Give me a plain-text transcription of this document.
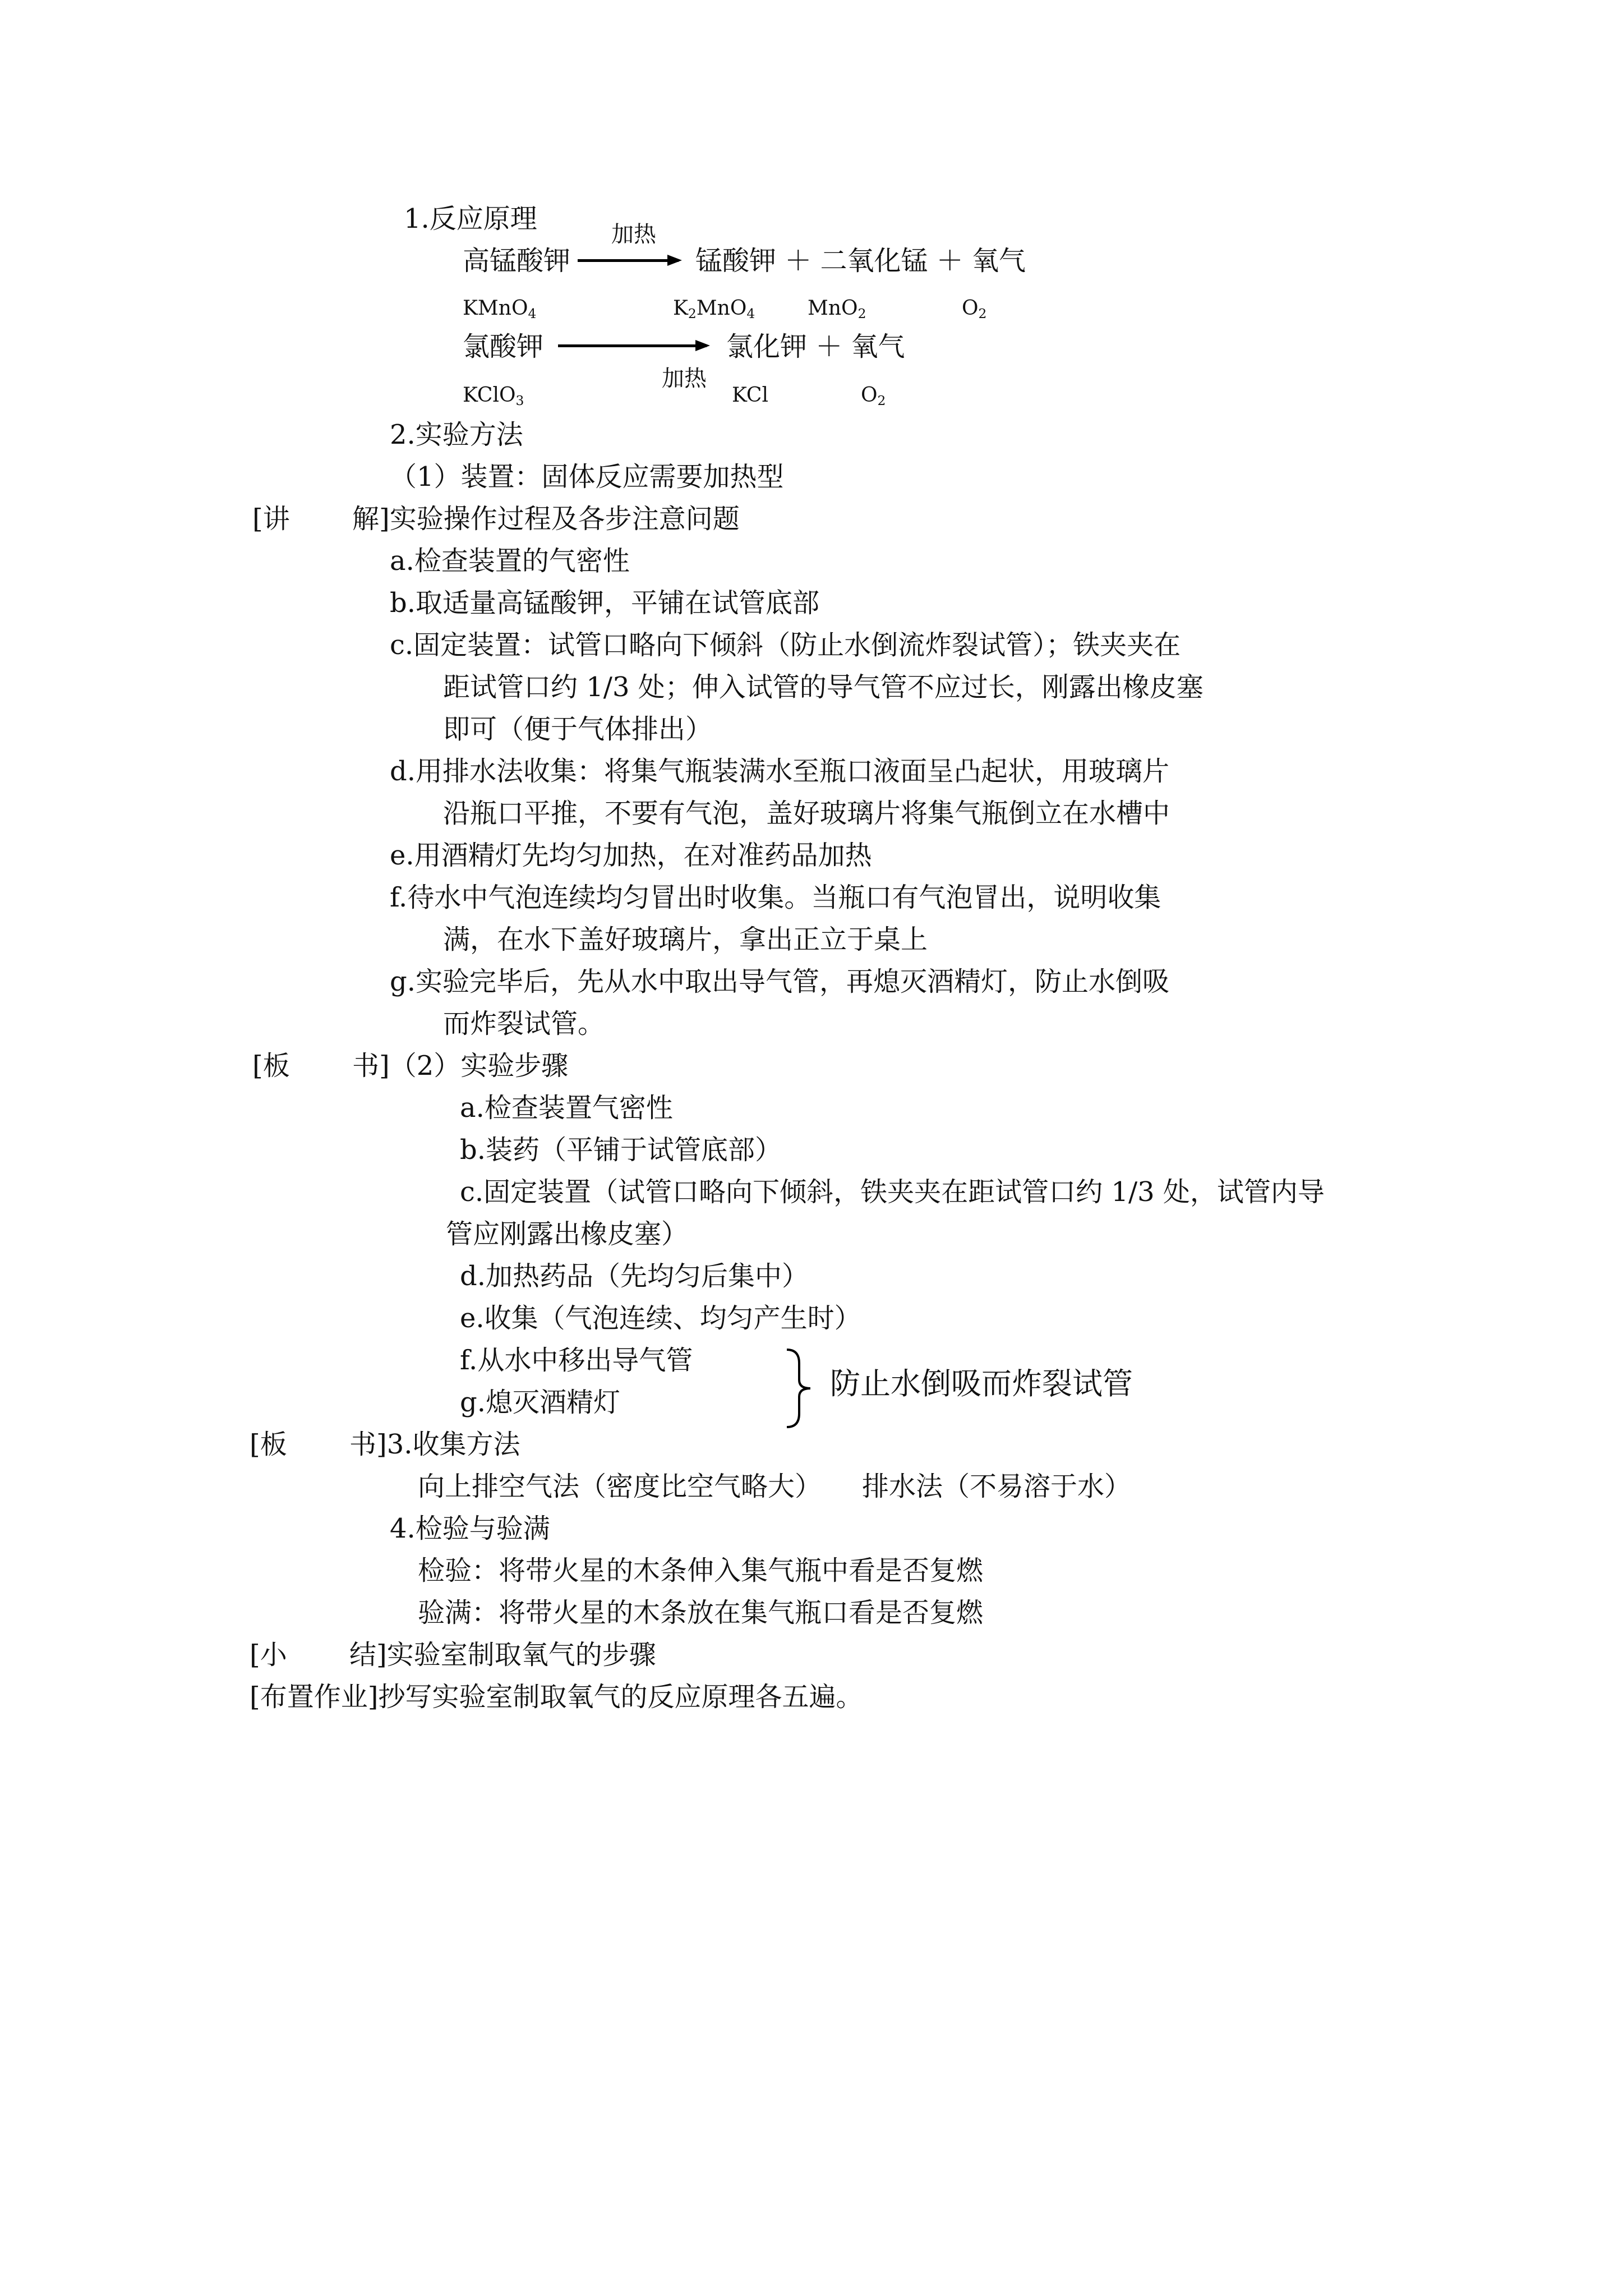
1.反应原理	加热
高锰酸钾	锰酸钾 ＋ 二氧化锰 ＋ 氧气
KMnO$_4$	$K_2MnO_4$	MnO$_2$	$O_2$
氯酸钾	氯化钾 ＋ 氧气
加热
KClO$_3$	KCl	$O_2$
2.实验方法
（1）装置：固体反应需要加热型
[讲 　　解]实验操作过程及各步注意问题
a.检查装置的气密性
b.取适量高锰酸钾，平铺在试管底部
c.固定装置：试管口略向下倾斜（防止水倒流炸裂试管）；铁夹夹在
距试管口约 1/3 处；伸入试管的导气管不应过长，刚露出橡皮塞
即可（便于气体排出）
d.用排水法收集：将集气瓶装满水至瓶口液面呈凸起状，用玻璃片
沿瓶口平推，不要有气泡，盖好玻璃片将集气瓶倒立在水槽中
e.用酒精灯先均匀加热，在对准药品加热
f.待水中气泡连续均匀冒出时收集。当瓶口有气泡冒出，说明收集
满，在水下盖好玻璃片，拿出正立于桌上
g.实验完毕后，先从水中取出导气管，再熄灭酒精灯，防止水倒吸
而炸裂试管。
[板 　　书]（2）实验步骤
a.检查装置气密性
b.装药（平铺于试管底部）
c.固定装置（试管口略向下倾斜，铁夹夹在距试管口约 1/3 处，试管内导
管应刚露出橡皮塞）
d.加热药品（先均匀后集中）
e.收集（气泡连续、均匀产生时）
f.从水中移出导气管
g.熄灭酒精灯
防止水倒吸而炸裂试管
[板 　　书]3.收集方法
向上排空气法（密度比空气略大）　　排水法（不易溶于水）
4.检验与验满
检验：将带火星的木条伸入集气瓶中看是否复燃
验满：将带火星的木条放在集气瓶口看是否复燃
[小 　　结]实验室制取氧气的步骤
[布置作业]抄写实验室制取氧气的反应原理各五遍。
